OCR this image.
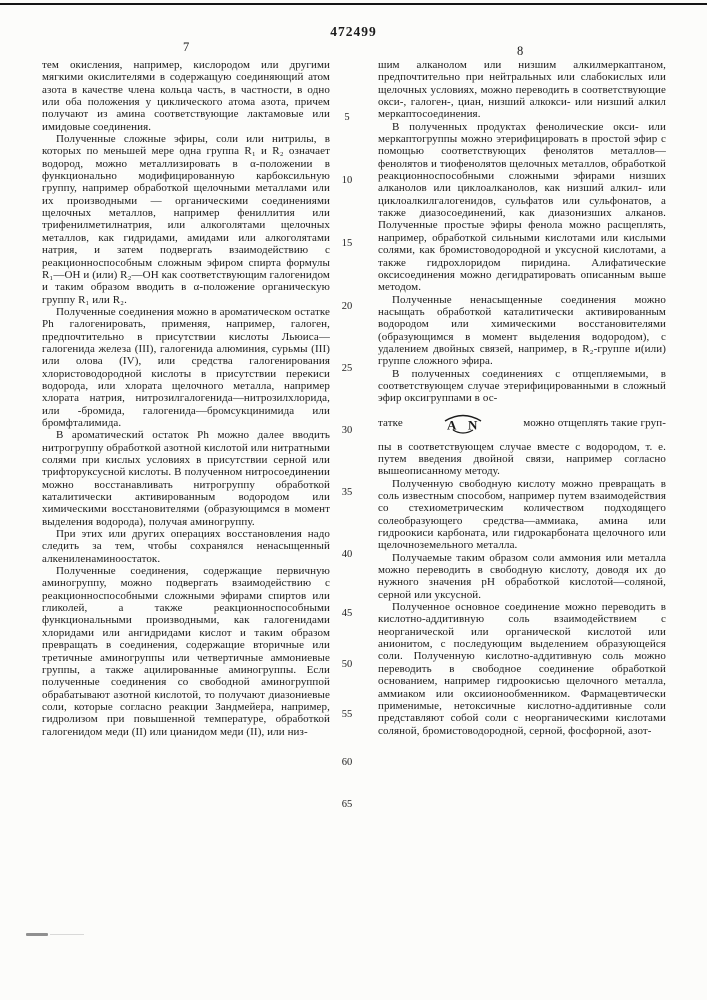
472499
7	8

тем окисления, например, кислородом или другими мягкими окислителями в содержащую соединяющий атом азота в качестве члена кольца часть, в частности, в одно или оба положения у циклического атома азота, причем получают из амина соответствующие лактамовые или имидовые соединения.

Полученные сложные эфиры, соли или нитрилы, в которых по меньшей мере одна группа R₁ и R₂ означает водород, можно металлизировать в α-положении в функционально модифицированную карбоксильную группу, например обработкой щелочными металлами или их производными — органическими соединениями щелочных металлов, например фениллития или трифенилметилнатрия, или алкоголятами щелочных металлов, как гидридами, амидами или алкоголятами натрия, и затем подвергать взаимодействию с реакционноспособным сложным эфиром спирта формулы R₁—ОН и (или) R₂—ОН как соответствующим галогенидом и таким образом вводить в α-положение органическую группу R₁ или R₂.

Полученные соединения можно в ароматическом остатке Ph галогенировать, применяя, например, галоген, предпочтительно в присутствии кислоты Льюиса—галогенида железа (III), галогенида алюминия, сурьмы (III) или олова (IV), или средства галогенирования хлористоводородной кислоты в присутствии перекиси водорода, или хлората щелочного металла, например хлората натрия, нитрозилгалогенида—нитрозилхлорида, или -бромида, галогенида—бромсукцинимида или бромфталимида.

В ароматический остаток Ph можно далее вводить нитрогруппу обработкой азотной кислотой или нитратными солями при кислых условиях в присутствии серной или трифторуксусной кислоты. В полученном нитросоединении можно восстанавливать нитрогруппу обработкой каталитически активированным водородом или химическими восстановителями (образующимся в момент выделения водорода), получая аминогруппу.

При этих или других операциях восстановления надо следить за тем, чтобы сохранялся ненасыщенный алкениленаминоостаток.

Полученные соединения, содержащие первичную аминогруппу, можно подвергать взаимодействию с реакционноспособными сложными эфирами спиртов или гликолей, а также реакционноспособными функциональными производными, как галогенидами хлоридами или ангидридами кислот и таким образом превращать в соединения, содержащие вторичные или третичные аминогруппы или четвертичные аммониевые группы, а также ацилированные аминогруппы. Если полученные соединения со свободной аминогруппой обрабатывают азотной кислотой, то получают диазониевые соли, которые согласно реакции Зандмейера, например, гидролизом при повышенной температуре, обработкой галогенидом меди (II) или цианидом меди (II), или низ-

шим алканолом или низшим алкилмеркаптаном, предпочтительно при нейтральных или слабокислых или щелочных условиях, можно переводить в соответствующие окси-, галоген-, циан, низший алкокси- или низший алкил меркаптосоединения.

В полученных продуктах фенолические окси- или меркаптогруппы можно этерифицировать в простой эфир с помощью соответствующих фенолятов металлов—фенолятов и тиофенолятов щелочных металлов, обработкой реакционноспособными сложными эфирами низших алканолов или циклоалканолов, как низший алкил- или циклоалкилгалогенидов, сульфатов или сульфонатов, а также диазосоединений, как диазонизших алканов. Полученные простые эфиры фенола можно расщеплять, например, обработкой сильными кислотами или кислыми солями, как бромистоводородной и уксусной кислотами, а также гидрохлоридом пиридина. Алифатические оксисоединения можно дегидратировать описанным выше методом.

Полученные ненасыщенные соединения можно насыщать обработкой каталитически активированным водородом или химическими восстановителями (образующимся в момент выделения водородом), с удалением двойных связей, например, в R₂-группе и(или) группе сложного эфира.

В полученных соединениях с отщепляемыми, в соответствующем случае этерифицированными в сложный эфир оксигруппами в ос-

татке	A N	можно отщеплять такие груп-

пы в соответствующем случае вместе с водородом, т. е. путем введения двойной связи, например согласно вышеописанному методу.

Полученную свободную кислоту можно превращать в соль известным способом, например путем взаимодействия со стехиометрическим количеством подходящего солеобразующего средства—аммиака, амина или гидроокиси карбоната, или гидрокарбоната щелочного или щелочноземельного металла.

Получаемые таким образом соли аммония или металла можно переводить в свободную кислоту, доводя их до нужного значения pH обработкой кислотой—соляной, серной или уксусной.

Полученное основное соединение можно переводить в кислотно-аддитивную соль взаимодействием с неорганической или органической кислотой или анионитом, с последующим выделением образующейся соли. Полученную кислотно-аддитивную соль можно переводить в свободное соединение обработкой основанием, например гидроокисью щелочного металла, аммиаком или оксиионообменником. Фармацевтически применимые, нетоксичные кислотно-аддитивные соли представляют собой соли с неорганическими кислотами соляной, бромистоводородной, серной, фосфорной, азот-

5
10
15
20
25
30
35
40
45
50
55
60
65
